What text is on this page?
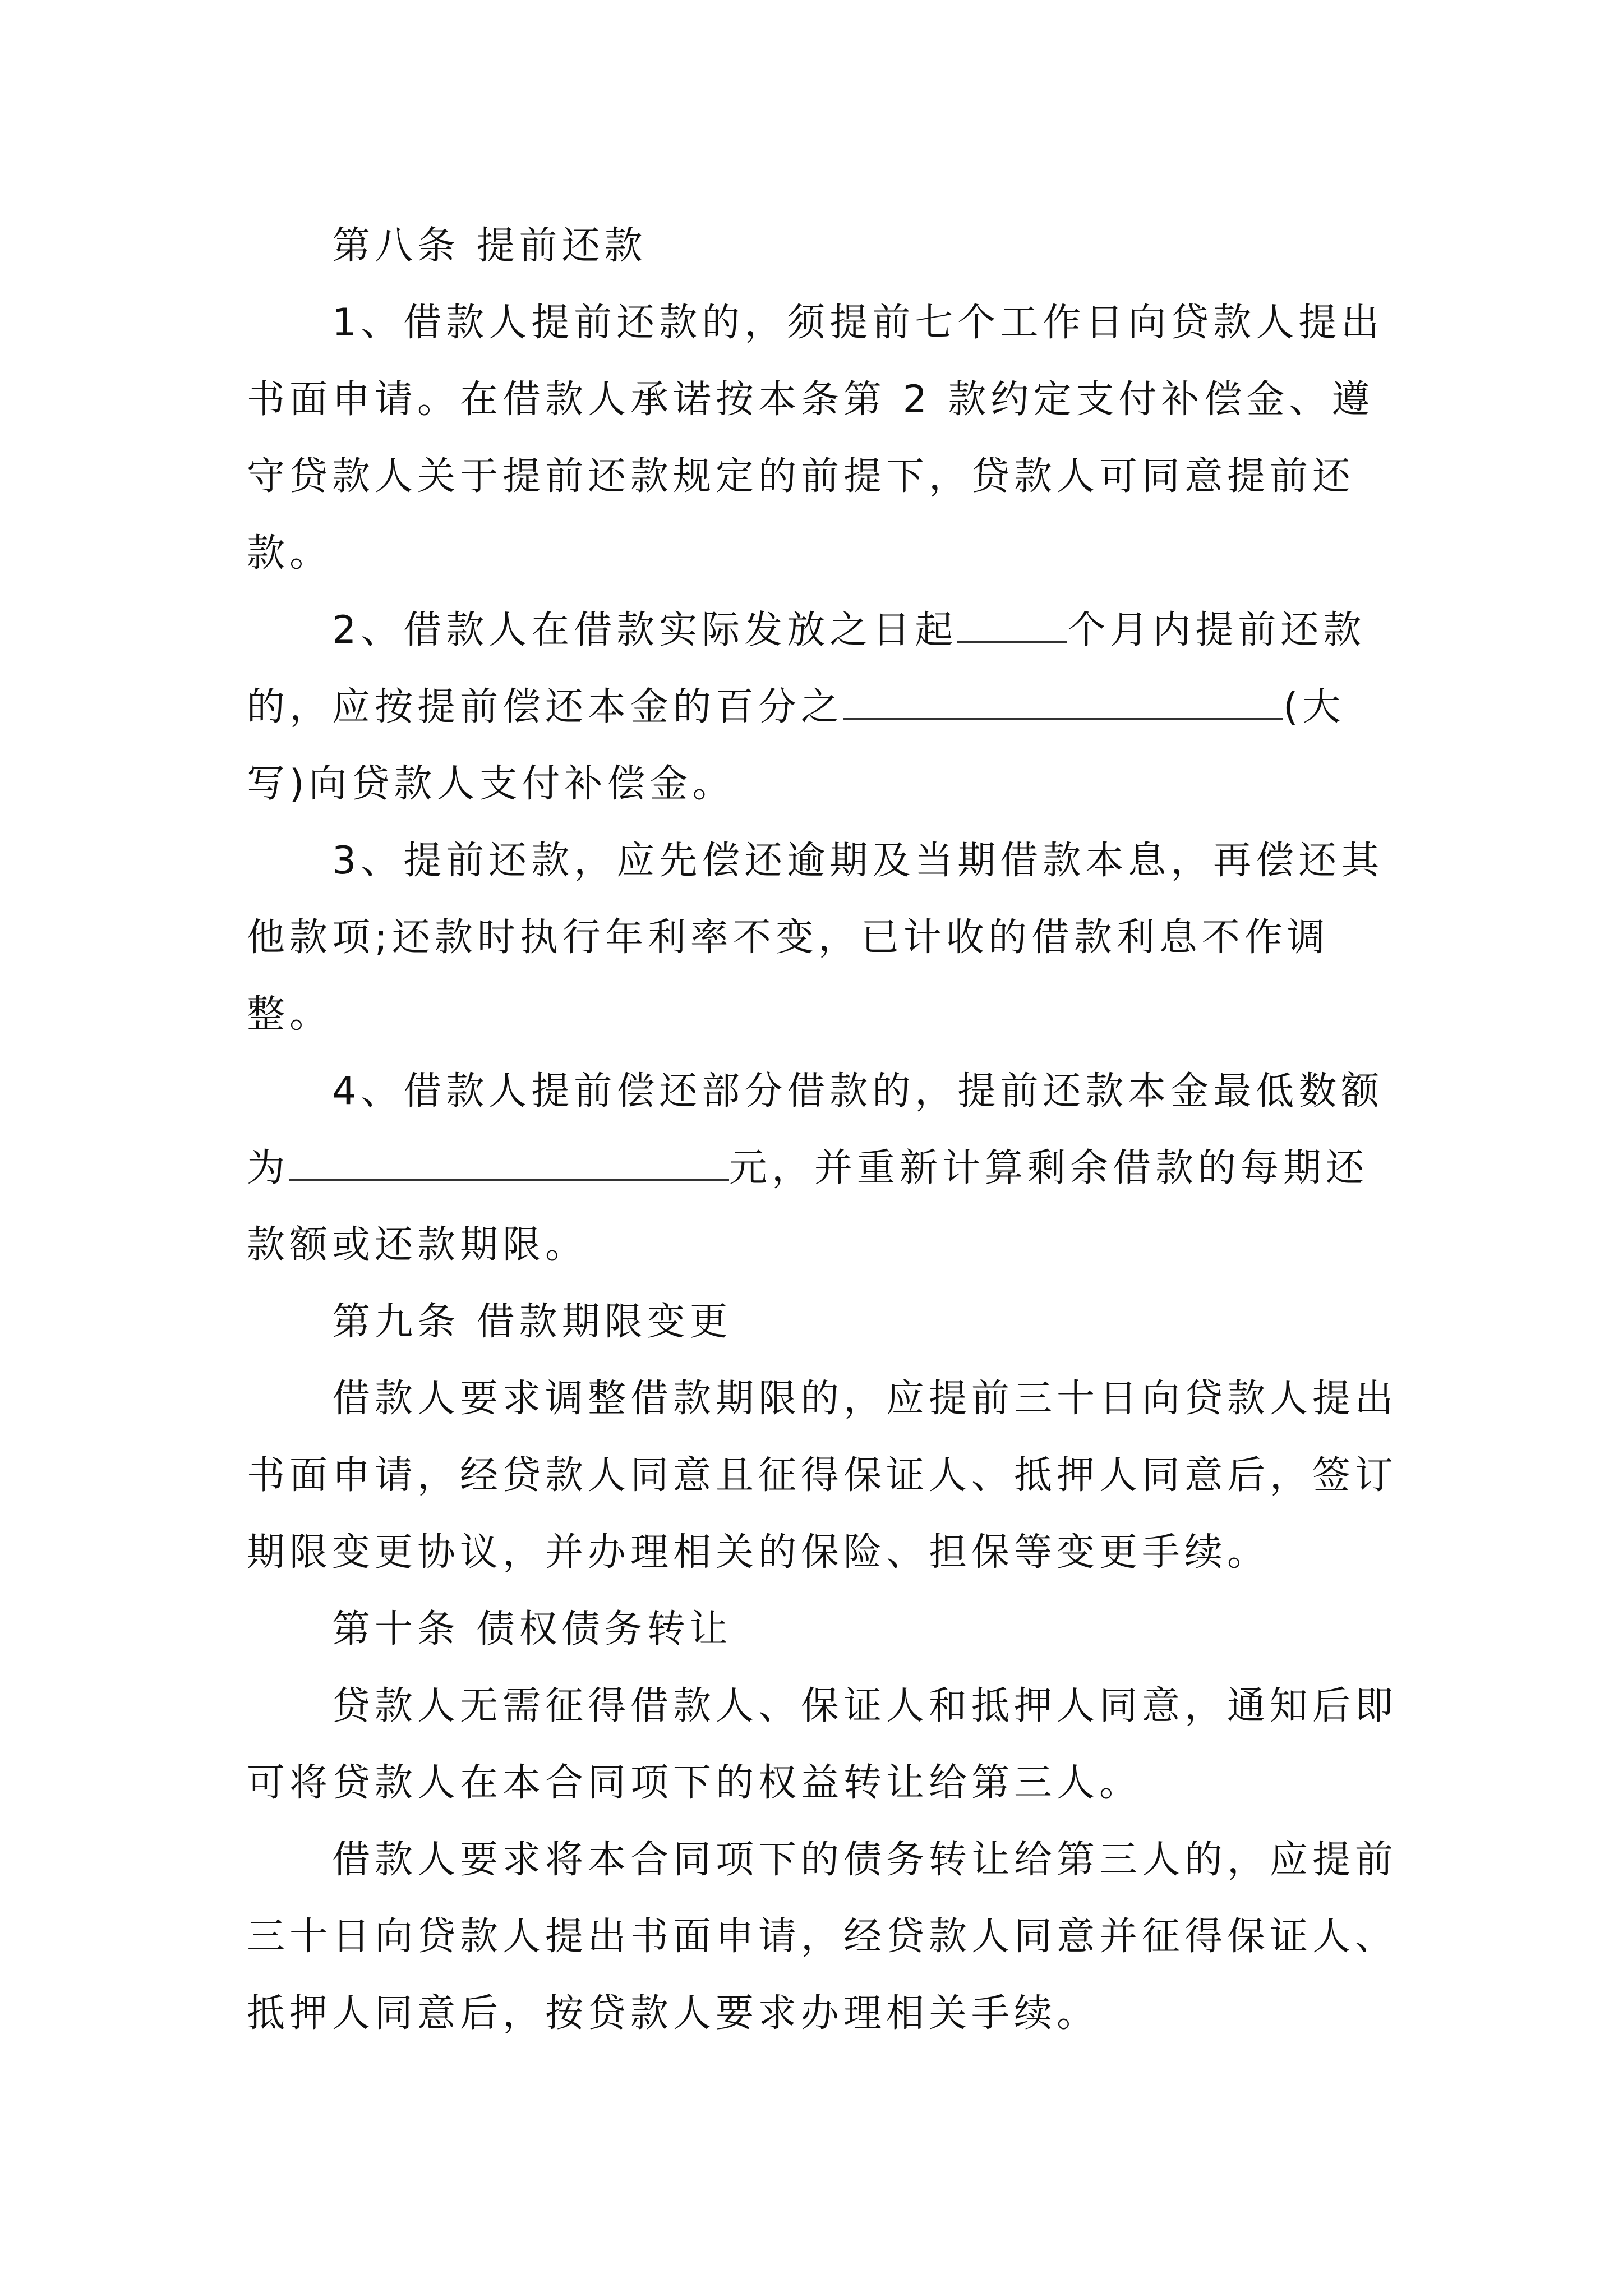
第八条 提前还款

1、借款人提前还款的，须提前七个工作日向贷款人提出书面申请。在借款人承诺按本条第 2 款约定支付补偿金、遵守贷款人关于提前还款规定的前提下，贷款人可同意提前还款。

2、借款人在借款实际发放之日起	个月内提前还款的，应按提前偿还本金的百分之	(大写)向贷款人支付补偿金。

3、提前还款，应先偿还逾期及当期借款本息，再偿还其他款项;还款时执行年利率不变，已计收的借款利息不作调整。

4、借款人提前偿还部分借款的，提前还款本金最低数额为	元，并重新计算剩余借款的每期还款额或还款期限。

第九条 借款期限变更

借款人要求调整借款期限的，应提前三十日向贷款人提出书面申请，经贷款人同意且征得保证人、抵押人同意后，签订期限变更协议，并办理相关的保险、担保等变更手续。

第十条 债权债务转让

贷款人无需征得借款人、保证人和抵押人同意，通知后即可将贷款人在本合同项下的权益转让给第三人。

借款人要求将本合同项下的债务转让给第三人的，应提前三十日向贷款人提出书面申请，经贷款人同意并征得保证人、抵押人同意后，按贷款人要求办理相关手续。
